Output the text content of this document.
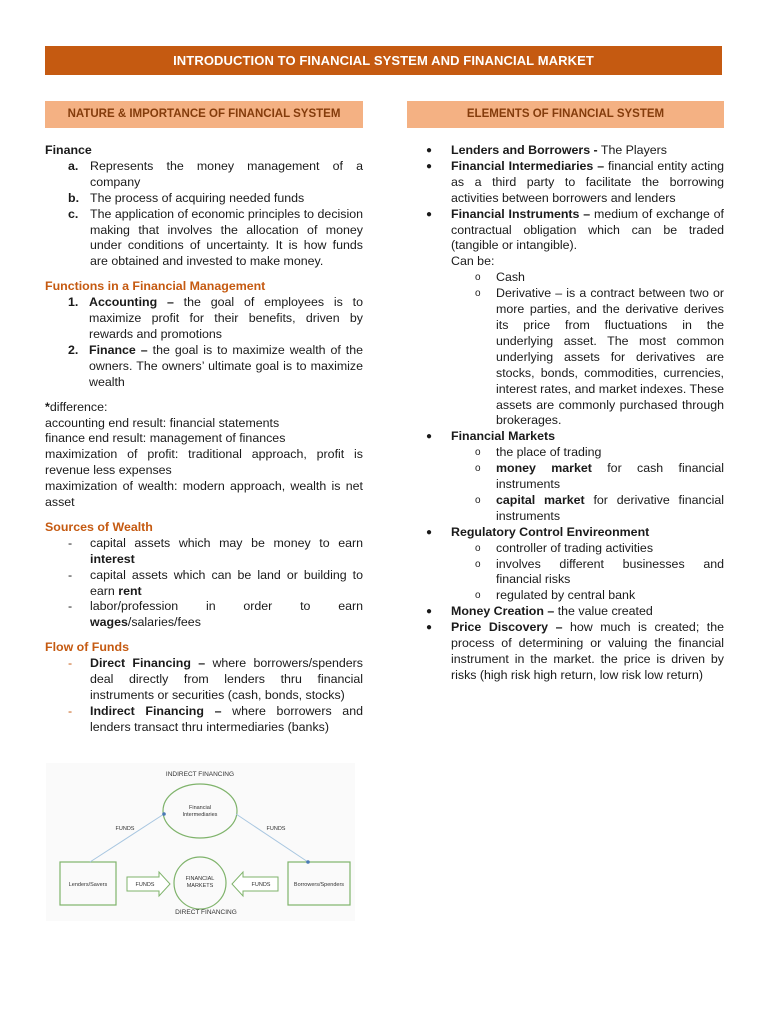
INTRODUCTION TO FINANCIAL SYSTEM AND FINANCIAL MARKET
NATURE & IMPORTANCE OF FINANCIAL SYSTEM	ELEMENTS OF FINANCIAL SYSTEM
Finance
a. Represents the money management of a company
b. The process of acquiring needed funds
c. The application of economic principles to decision making that involves the allocation of money under conditions of uncertainty. It is how funds are obtained and invested to make money.
Functions in a Financial Management
1. Accounting – the goal of employees is to maximize profit for their benefits, driven by rewards and promotions
2. Finance – the goal is to maximize wealth of the owners. The owners’ ultimate goal is to maximize wealth
*difference:
accounting end result: financial statements
finance end result: management of finances
maximization of profit: traditional approach, profit is revenue less expenses
maximization of wealth: modern approach, wealth is net asset
Sources of Wealth
-	capital assets which may be money to earn interest
-	capital assets which can be land or building to earn rent
-	labor/profession in order to earn wages/salaries/fees
Flow of Funds
-	Direct Financing – where borrowers/spenders deal directly from lenders thru financial instruments or securities (cash, bonds, stocks)
-	Indirect Financing – where borrowers and lenders transact thru intermediaries (banks)
INDIRECT FINANCING
Financial
Intermediaries
FINANCIAL
MARKETS
Lenders/Savers	Borrowers/Spenders
FUNDS	FUNDS
FUNDS	FUNDS
DIRECT FINANCING
●	Lenders and Borrowers - The Players
●	Financial Intermediaries – financial entity acting as a third party to facilitate the borrowing activities between borrowers and lenders
●	Financial Instruments – medium of exchange of contractual obligation which can be traded (tangible or intangible).
Can be:
o	Cash
o	Derivative – is a contract between two or more parties, and the derivative derives its price from fluctuations in the underlying asset. The most common underlying assets for derivatives are stocks, bonds, commodities, currencies, interest rates, and market indexes. These assets are commonly purchased through brokerages.
●	Financial Markets
o	the place of trading
o	money market for cash financial instruments
o	capital market for derivative financial instruments
●	Regulatory Control Envireonment
o	controller of trading activities
o	involves different businesses and financial risks
o	regulated by central bank
●	Money Creation – the value created
●	Price Discovery – how much is created; the process of determining or valuing the financial instrument in the market. the price is driven by risks (high risk high return, low risk low return)
